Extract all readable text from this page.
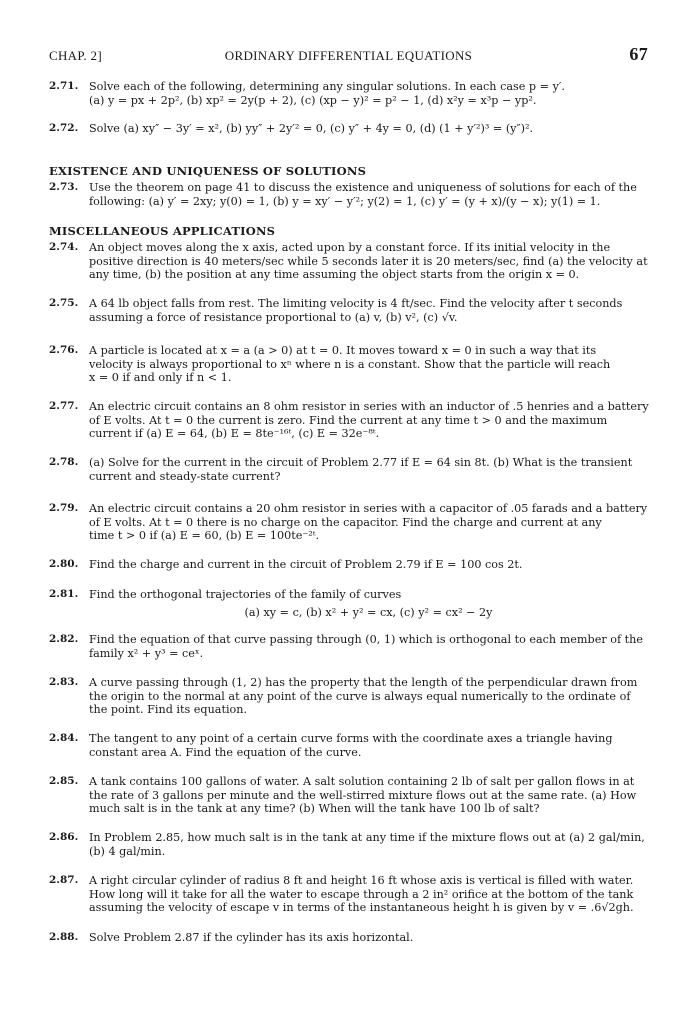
CHAP. 2]	ORDINARY DIFFERENTIAL EQUATIONS	67
2.71. Solve each of the following, determining any singular solutions. In each case p = y′.
(a) y = px + 2p², (b) xp² = 2y(p + 2), (c) (xp − y)² = p² − 1, (d) x²y = x³p − yp².
2.72. Solve (a) xy″ − 3y′ = x², (b) yy″ + 2y′² = 0, (c) y″ + 4y = 0, (d) (1 + y′²)³ = (y″)².
EXISTENCE AND UNIQUENESS OF SOLUTIONS
2.73. Use the theorem on page 41 to discuss the existence and uniqueness of solutions for each of the
following: (a) y′ = 2xy; y(0) = 1, (b) y = xy′ − y′²; y(2) = 1, (c) y′ = (y + x)/(y − x); y(1) = 1.
MISCELLANEOUS APPLICATIONS
2.74. An object moves along the x axis, acted upon by a constant force. If its initial velocity in the
positive direction is 40 meters/sec while 5 seconds later it is 20 meters/sec, find (a) the velocity at
any time, (b) the position at any time assuming the object starts from the origin x = 0.
2.75. A 64 lb object falls from rest. The limiting velocity is 4 ft/sec. Find the velocity after t seconds
assuming a force of resistance proportional to (a) v, (b) v², (c) √v.
2.76. A particle is located at x = a (a > 0) at t = 0. It moves toward x = 0 in such a way that its
velocity is always proportional to xⁿ where n is a constant. Show that the particle will reach
x = 0 if and only if n < 1.
2.77. An electric circuit contains an 8 ohm resistor in series with an inductor of .5 henries and a battery
of E volts. At t = 0 the current is zero. Find the current at any time t > 0 and the maximum
current if (a) E = 64, (b) E = 8te⁻¹⁶ᵗ, (c) E = 32e⁻⁸ᵗ.
2.78. (a) Solve for the current in the circuit of Problem 2.77 if E = 64 sin 8t. (b) What is the transient
current and steady-state current?
2.79. An electric circuit contains a 20 ohm resistor in series with a capacitor of .05 farads and a battery
of E volts. At t = 0 there is no charge on the capacitor. Find the charge and current at any
time t > 0 if (a) E = 60, (b) E = 100te⁻²ᵗ.
2.80. Find the charge and current in the circuit of Problem 2.79 if E = 100 cos 2t.
2.81. Find the orthogonal trajectories of the family of curves
(a) xy = c, (b) x² + y² = cx, (c) y² = cx² − 2y
2.82. Find the equation of that curve passing through (0, 1) which is orthogonal to each member of the
family x² + y³ = ceˣ.
2.83. A curve passing through (1, 2) has the property that the length of the perpendicular drawn from
the origin to the normal at any point of the curve is always equal numerically to the ordinate of
the point. Find its equation.
2.84. The tangent to any point of a certain curve forms with the coordinate axes a triangle having
constant area A. Find the equation of the curve.
2.85. A tank contains 100 gallons of water. A salt solution containing 2 lb of salt per gallon flows in at
the rate of 3 gallons per minute and the well-stirred mixture flows out at the same rate. (a) How
much salt is in the tank at any time? (b) When will the tank have 100 lb of salt?
2.86. In Problem 2.85, how much salt is in the tank at any time if the mixture flows out at (a) 2 gal/min,
(b) 4 gal/min.
2.87. A right circular cylinder of radius 8 ft and height 16 ft whose axis is vertical is filled with water.
How long will it take for all the water to escape through a 2 in² orifice at the bottom of the tank
assuming the velocity of escape v in terms of the instantaneous height h is given by v = .6√2gh.
2.88. Solve Problem 2.87 if the cylinder has its axis horizontal.
